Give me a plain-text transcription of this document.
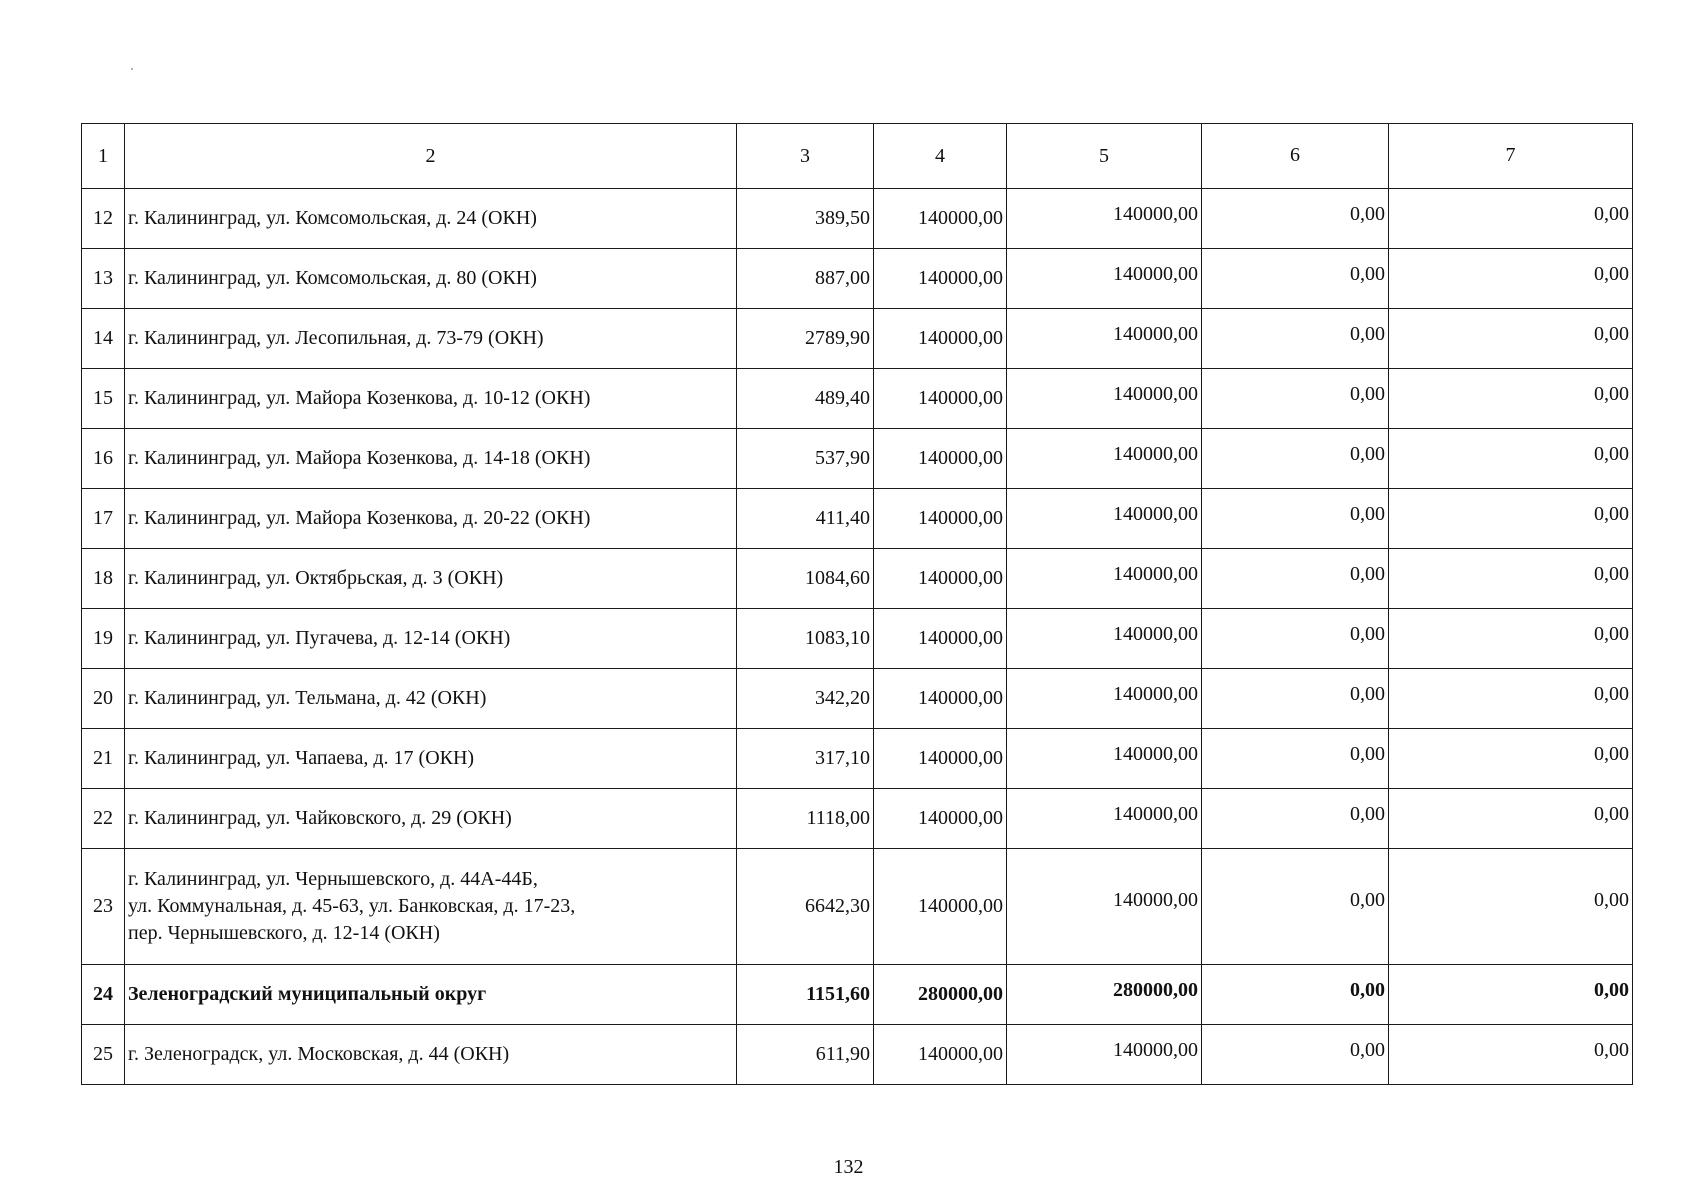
1	2	3	4	5	6	7
12	г. Калининград, ул. Комсомольская, д. 24 (ОКН)	389,50	140000,00	140000,00	0,00	0,00
13	г. Калининград, ул. Комсомольская, д. 80 (ОКН)	887,00	140000,00	140000,00	0,00	0,00
14	г. Калининград, ул. Лесопильная, д. 73-79 (ОКН)	2789,90	140000,00	140000,00	0,00	0,00
15	г. Калининград, ул. Майора Козенкова, д. 10-12 (ОКН)	489,40	140000,00	140000,00	0,00	0,00
16	г. Калининград, ул. Майора Козенкова, д. 14-18 (ОКН)	537,90	140000,00	140000,00	0,00	0,00
17	г. Калининград, ул. Майора Козенкова, д. 20-22 (ОКН)	411,40	140000,00	140000,00	0,00	0,00
18	г. Калининград, ул. Октябрьская, д. 3 (ОКН)	1084,60	140000,00	140000,00	0,00	0,00
19	г. Калининград, ул. Пугачева, д. 12-14 (ОКН)	1083,10	140000,00	140000,00	0,00	0,00
20	г. Калининград, ул. Тельмана, д. 42 (ОКН)	342,20	140000,00	140000,00	0,00	0,00
21	г. Калининград, ул. Чапаева, д. 17 (ОКН)	317,10	140000,00	140000,00	0,00	0,00
22	г. Калининград, ул. Чайковского, д. 29 (ОКН)	1118,00	140000,00	140000,00	0,00	0,00
23	г. Калининград, ул. Чернышевского, д. 44А-44Б,
ул. Коммунальная, д. 45-63, ул. Банковская, д. 17-23,
пер. Чернышевского, д. 12-14 (ОКН)	6642,30	140000,00	140000,00	0,00	0,00
24	Зеленоградский муниципальный округ	1151,60	280000,00	280000,00	0,00	0,00
25	г. Зеленоградск, ул. Московская, д. 44 (ОКН)	611,90	140000,00	140000,00	0,00	0,00
132
